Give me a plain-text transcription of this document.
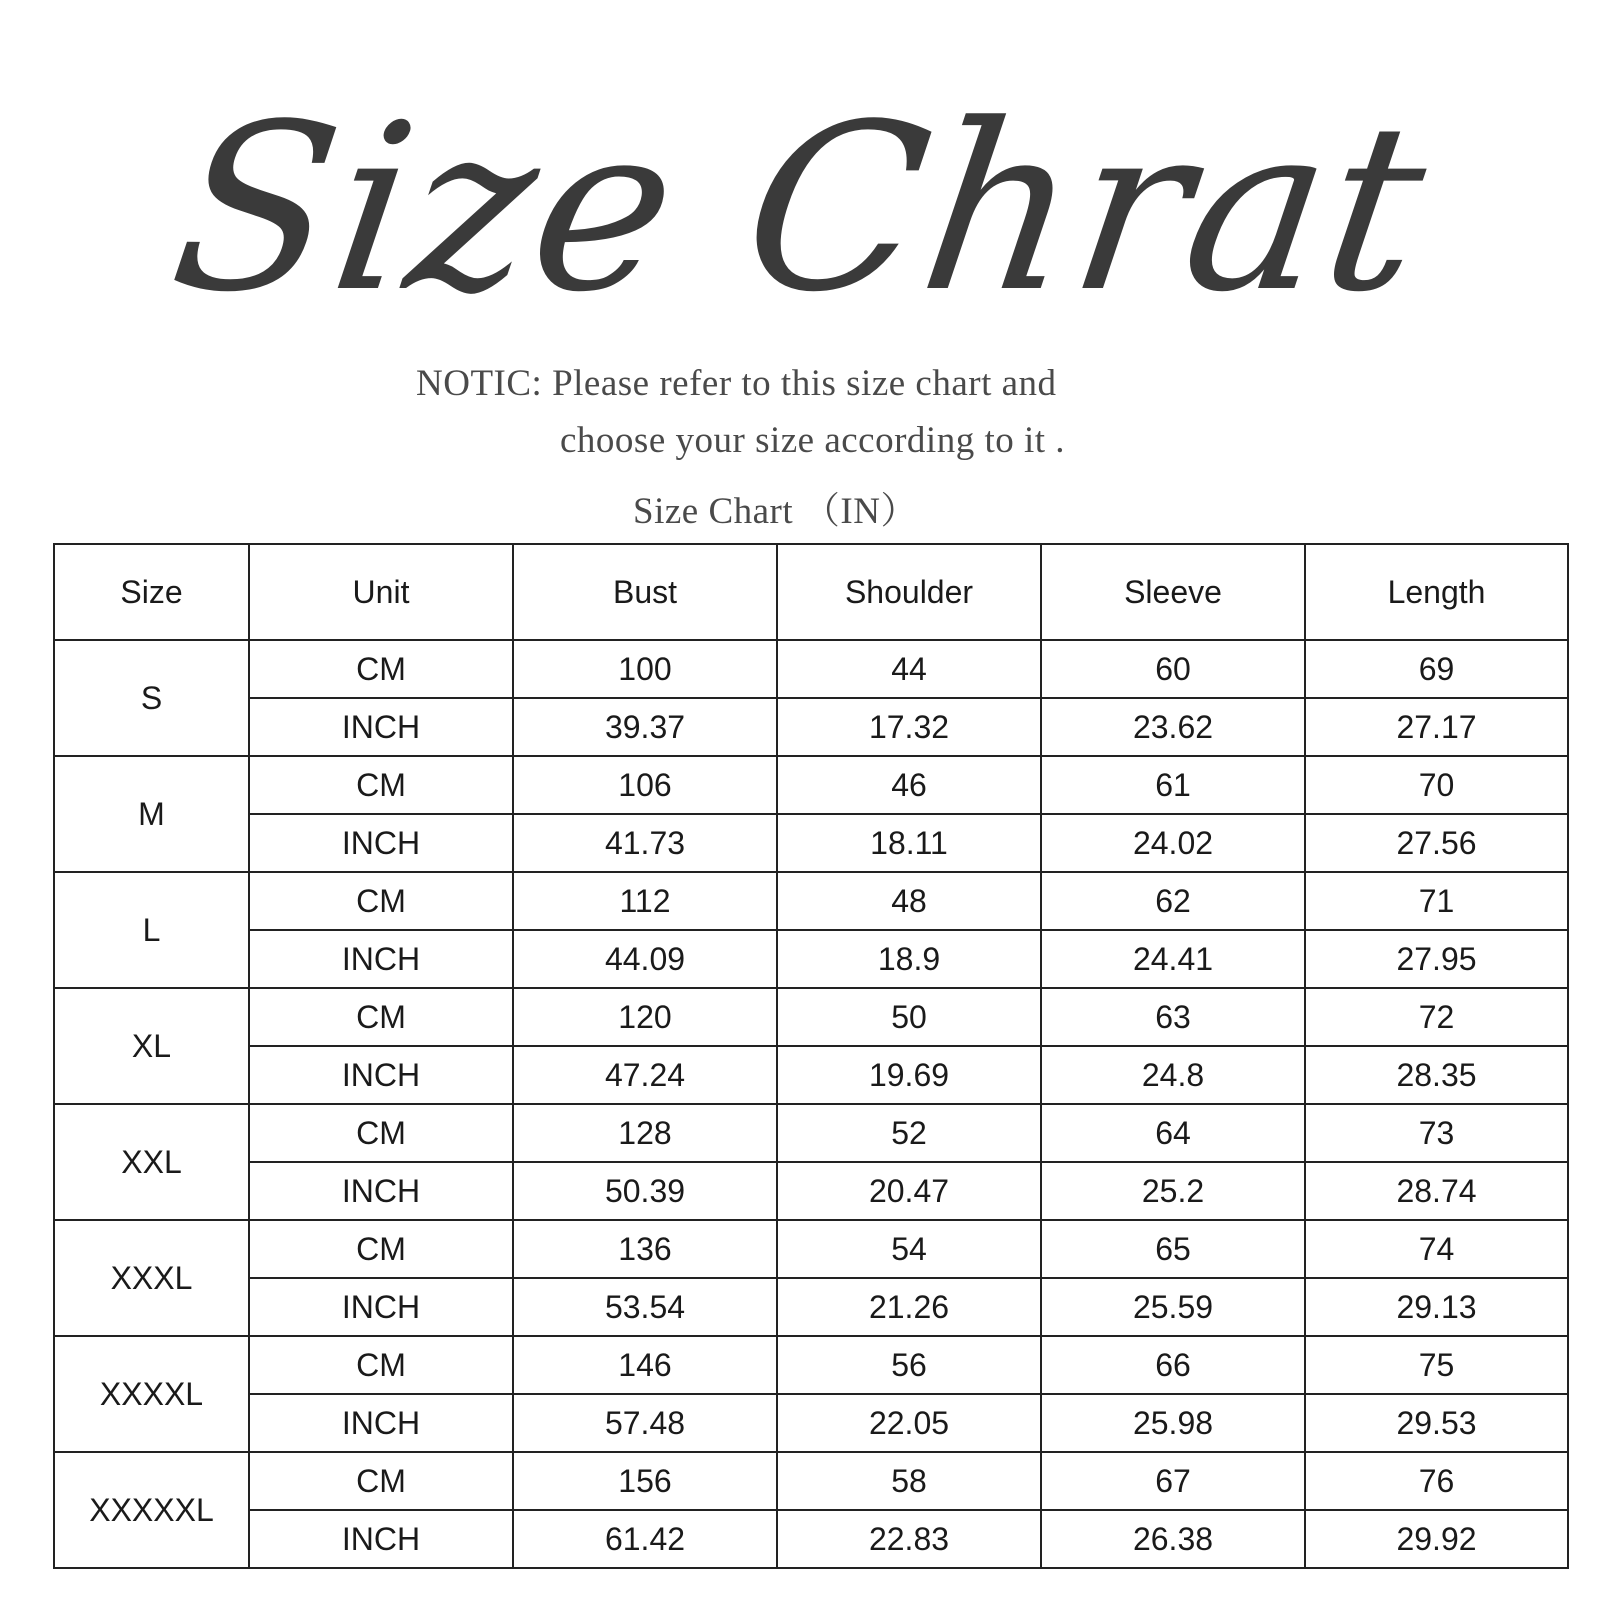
Size Chrat
NOTIC: Please refer to this size chart and
choose your size according to it .
Size Chart （IN）
Size	Unit	Bust	Shoulder	Sleeve	Length
S	CM	100	44	60	69
	INCH	39.37	17.32	23.62	27.17
M	CM	106	46	61	70
	INCH	41.73	18.11	24.02	27.56
L	CM	112	48	62	71
	INCH	44.09	18.9	24.41	27.95
XL	CM	120	50	63	72
	INCH	47.24	19.69	24.8	28.35
XXL	CM	128	52	64	73
	INCH	50.39	20.47	25.2	28.74
XXXL	CM	136	54	65	74
	INCH	53.54	21.26	25.59	29.13
XXXXL	CM	146	56	66	75
	INCH	57.48	22.05	25.98	29.53
XXXXXL	CM	156	58	67	76
	INCH	61.42	22.83	26.38	29.92
